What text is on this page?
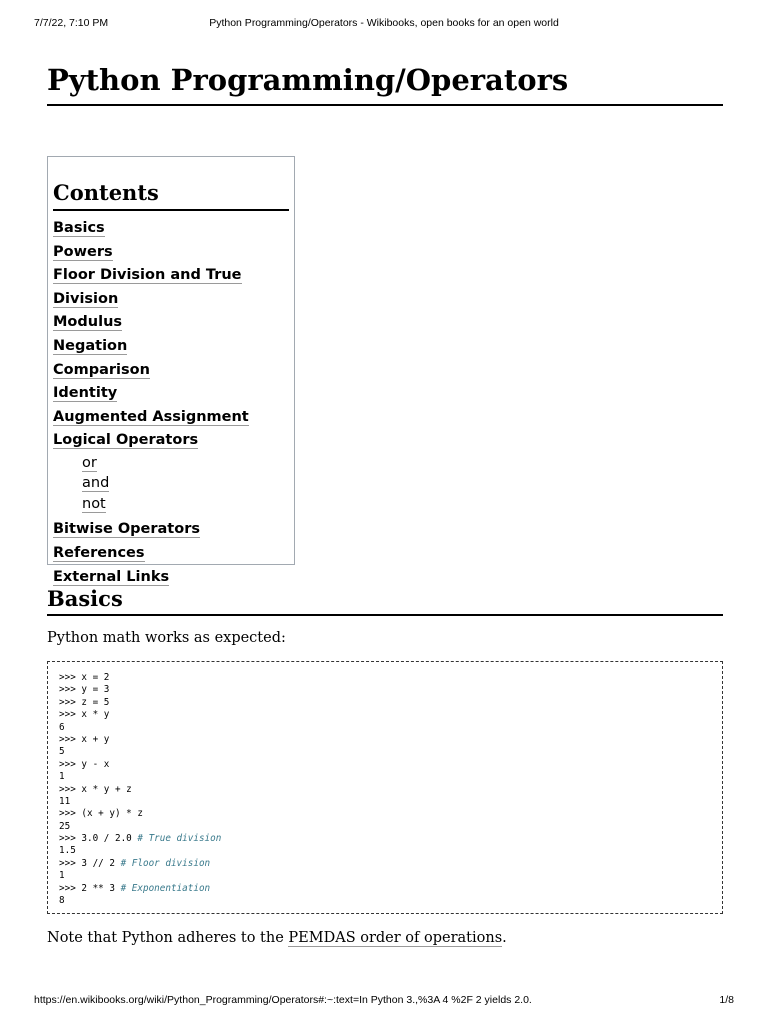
7/7/22, 7:10 PM	Python Programming/Operators - Wikibooks, open books for an open world
Python Programming/Operators
Contents
Basics
Powers
Floor Division and True Division
Modulus
Negation
Comparison
Identity
Augmented Assignment
Logical Operators
or
and
not
Bitwise Operators
References
External Links
Basics

Python math works as expected:

>>> x = 2
>>> y = 3
>>> z = 5
>>> x * y
6
>>> x + y
5
>>> y - x
1
>>> x * y + z
11
>>> (x + y) * z
25
>>> 3.0 / 2.0 # True division
1.5
>>> 3 // 2 # Floor division
1
>>> 2 ** 3 # Exponentiation
8

Note that Python adheres to the PEMDAS order of operations.

https://en.wikibooks.org/wiki/Python_Programming/Operators#:~:text=In Python 3.,%3A 4 %2F 2 yields 2.0.	1/8
